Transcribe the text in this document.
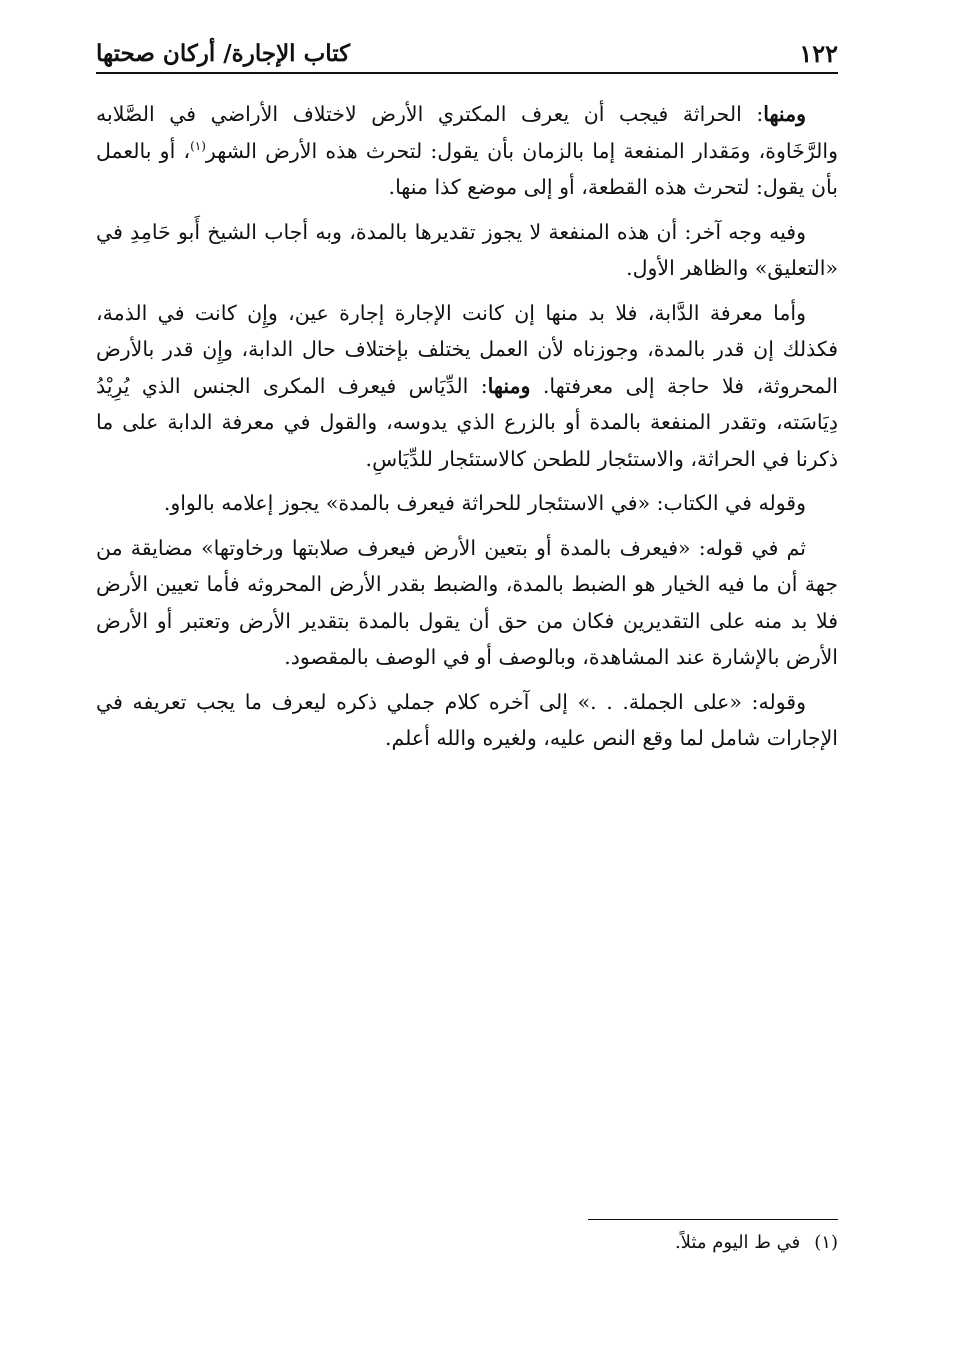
١٢٢
كتاب الإجارة/ أركان صحتها

ومنها: الحراثة فيجب أن يعرف المكتري الأرض لاختلاف الأراضي في الصَّلابه والرَّخَاوة، ومَقدار المنفعة إما بالزمان بأن يقول: لتحرث هذه الأرض الشهر$^{(١)}$، أو بالعمل بأن يقول: لتحرث هذه القطعة، أو إلى موضع كذا منها.

وفيه وجه آخر: أن هذه المنفعة لا يجوز تقديرها بالمدة، وبه أجاب الشيخ أَبو حَامِدِ في «التعليق» والظاهر الأول.

وأما معرفة الدَّابة، فلا بد منها إن كانت الإجارة إجارة عين، وإِن كانت في الذمة، فكذلك إن قدر بالمدة، وجوزناه لأن العمل يختلف بإختلاف حال الدابة، وإِن قدر بالأرض المحروثة، فلا حاجة إلى معرفتها. ومنها: الدِّيَاس فيعرف المكرى الجنس الذي يُرِيْدُ دِيَاسَته، وتقدر المنفعة بالمدة أو بالزرع الذي يدوسه، والقول في معرفة الدابة على ما ذكرنا في الحراثة، والاستئجار للطحن كالاستئجار للدِّيَاسِ.

وقوله في الكتاب: «في الاستئجار للحراثة فيعرف بالمدة» يجوز إعلامه بالواو.

ثم في قوله: «فيعرف بالمدة أو بتعين الأرض فيعرف صلابتها ورخاوتها» مضايقة من جهة أن ما فيه الخيار هو الضبط بالمدة، والضبط بقدر الأرض المحروثه فأما تعيين الأرض فلا بد منه على التقديرين فكان من حق أن يقول بالمدة بتقدير الأرض وتعتبر أو الأرض الأرض بالإشارة عند المشاهدة، وبالوصف أو في الوصف بالمقصود.

وقوله: «على الجملة. . .» إلى آخره كلام جملي ذكره ليعرف ما يجب تعريفه في الإجارات شامل لما وقع النص عليه، ولغيره والله أعلم.

(١)في ط اليوم مثلاً.
